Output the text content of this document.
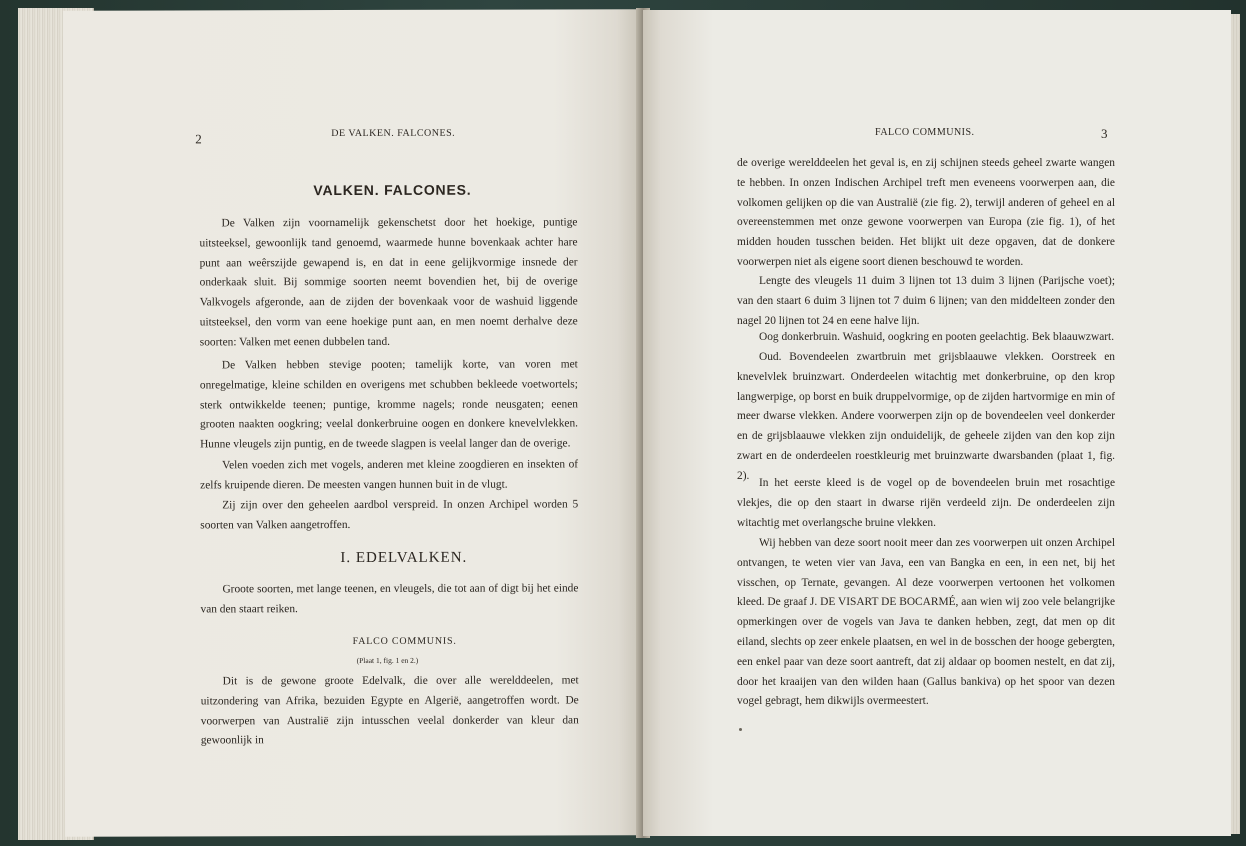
2	DE VALKEN. FALCONES.
VALKEN. FALCONES.

De Valken zijn voornamelijk gekenschetst door het hoekige, puntige uitsteeksel, gewoonlijk tand genoemd, waarmede hunne bovenkaak achter hare punt aan weêrszijde gewapend is, en dat in eene gelijkvormige insnede der onderkaak sluit. Bij sommige soorten neemt bovendien het, bij de overige Valkvogels afgeronde, aan de zijden der bovenkaak voor de washuid liggende uitsteeksel, den vorm van eene hoekige punt aan, en men noemt derhalve deze soorten: Valken met eenen dubbelen tand.

De Valken hebben stevige pooten; tamelijk korte, van voren met onregelmatige, kleine schilden en overigens met schubben bekleede voetwortels; sterk ontwikkelde teenen; puntige, kromme nagels; ronde neusgaten; eenen grooten naakten oogkring; veelal donkerbruine oogen en donkere knevelvlekken. Hunne vleugels zijn puntig, en de tweede slagpen is veelal langer dan de overige.

Velen voeden zich met vogels, anderen met kleine zoogdieren en insekten of zelfs kruipende dieren. De meesten vangen hunnen buit in de vlugt.

Zij zijn over den geheelen aardbol verspreid. In onzen Archipel worden 5 soorten van Valken aangetroffen.

I. EDELVALKEN.

Groote soorten, met lange teenen, en vleugels, die tot aan of digt bij het einde van den staart reiken.

FALCO COMMUNIS.
(Plaat 1, fig. 1 en 2.)

Dit is de gewone groote Edelvalk, die over alle werelddeelen, met uitzondering van Afrika, bezuiden Egypte en Algerië, aangetroffen wordt. De voorwerpen van Australië zijn intusschen veelal donkerder van kleur dan gewoonlijk in

FALCO COMMUNIS.	3

de overige werelddeelen het geval is, en zij schijnen steeds geheel zwarte wangen te hebben. In onzen Indischen Archipel treft men eveneens voorwerpen aan, die volkomen gelijken op die van Australië (zie fig. 2), terwijl anderen of geheel en al overeenstemmen met onze gewone voorwerpen van Europa (zie fig. 1), of het midden houden tusschen beiden. Het blijkt uit deze opgaven, dat de donkere voorwerpen niet als eigene soort dienen beschouwd te worden.

Lengte des vleugels 11 duim 3 lijnen tot 13 duim 3 lijnen (Parijsche voet); van den staart 6 duim 3 lijnen tot 7 duim 6 lijnen; van den middelteen zonder den nagel 20 lijnen tot 24 en eene halve lijn.

Oog donkerbruin. Washuid, oogkring en pooten geelachtig. Bek blaauwzwart.

Oud. Bovendeelen zwartbruin met grijsblaauwe vlekken. Oorstreek en knevelvlek bruinzwart. Onderdeelen witachtig met donkerbruine, op den krop langwerpige, op borst en buik druppelvormige, op de zijden hartvormige en min of meer dwarse vlekken. Andere voorwerpen zijn op de bovendeelen veel donkerder en de grijsblaauwe vlekken zijn onduidelijk, de geheele zijden van den kop zijn zwart en de onderdeelen roestkleurig met bruinzwarte dwarsbanden (plaat 1, fig. 2).

In het eerste kleed is de vogel op de bovendeelen bruin met rosachtige vlekjes, die op den staart in dwarse rijën verdeeld zijn. De onderdeelen zijn witachtig met overlangsche bruine vlekken.

Wij hebben van deze soort nooit meer dan zes voorwerpen uit onzen Archipel ontvangen, te weten vier van Java, een van Bangka en een, in een net, bij het visschen, op Ternate, gevangen. Al deze voorwerpen vertoonen het volkomen kleed. De graaf J. DE VISART DE BOCARMÉ, aan wien wij zoo vele belangrijke opmerkingen over de vogels van Java te danken hebben, zegt, dat men op dit eiland, slechts op zeer enkele plaatsen, en wel in de bosschen der hooge gebergten, een enkel paar van deze soort aantreft, dat zij aldaar op boomen nestelt, en dat zij, door het kraaijen van den wilden haan (Gallus bankiva) op het spoor van dezen vogel gebragt, hem dikwijls overmeestert.
